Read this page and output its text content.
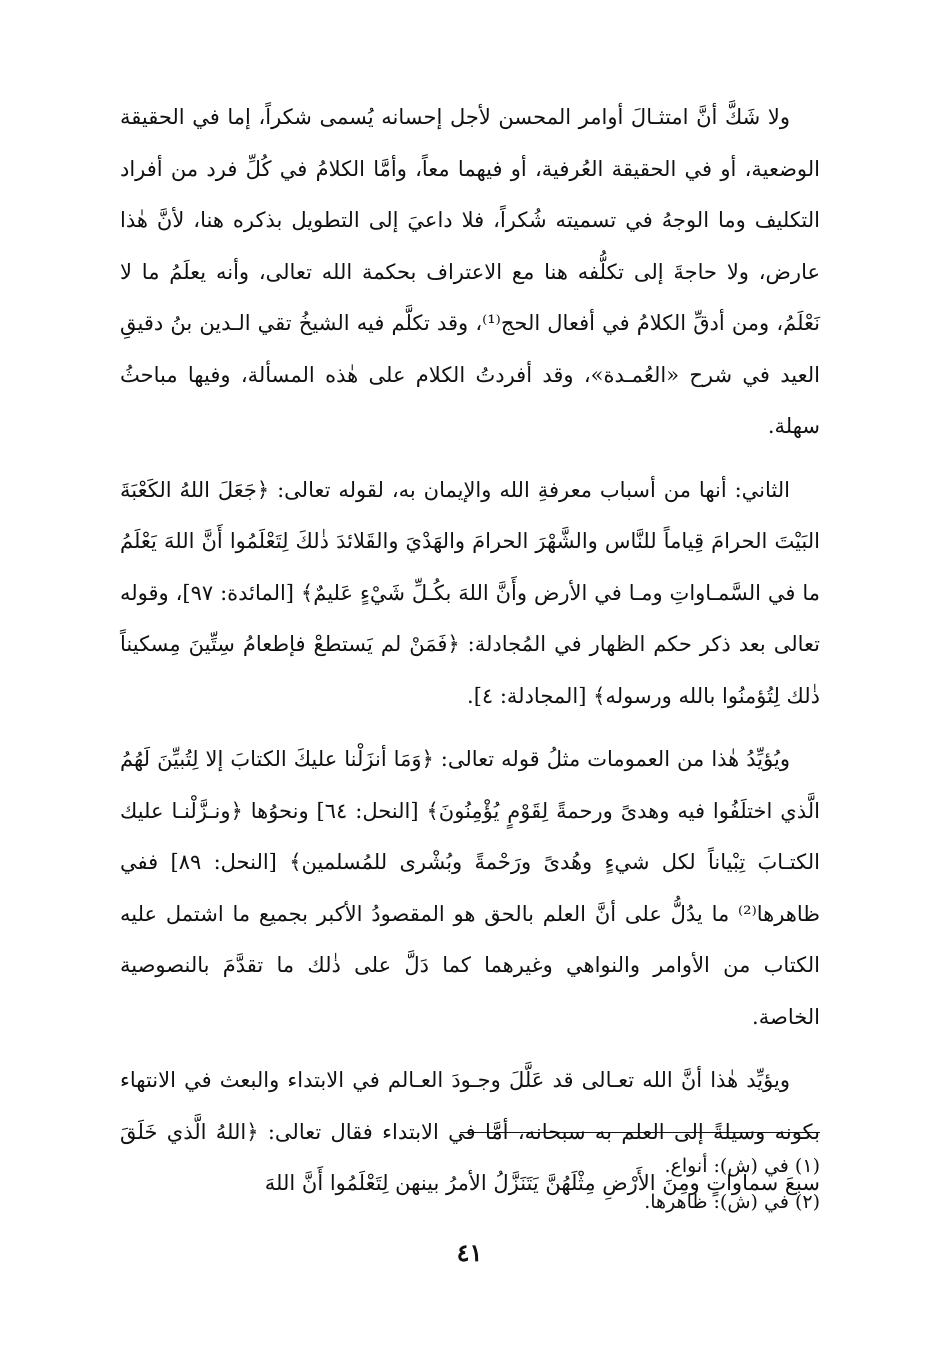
ولا شَكَّ أنَّ امتثـالَ أوامر المحسن لأجل إحسانه يُسمى شكراً، إما في الحقيقة الوضعية، أو في الحقيقة العُرفية، أو فيهما معاً، وأمَّا الكلامُ في كُلِّ فرد من أفراد التكليف وما الوجهُ في تسميته شُكراً، فلا داعيَ إلى التطويل بذكره هنا، لأنَّ هٰذا عارض، ولا حاجةَ إلى تكلُّفه هنا مع الاعتراف بحكمة الله تعالى، وأنه يعلَمُ ما لا نَعْلَمُ، ومن أدقِّ الكلامُ في أفعال الحج⁽¹⁾، وقد تكلَّم فيه الشيخُ تقي الـدين بنُ دقيقِ العيد في شرح «العُمـدة»، وقد أفردتُ الكلام على هٰذه المسألة، وفيها مباحثُ سهلة.

الثاني: أنها من أسباب معرفةِ الله والإيمان به، لقوله تعالى: ﴿جَعَلَ اللهُ الكَعْبَةَ البَيْتَ الحرامَ قِياماً للنَّاس والشَّهْرَ الحرامَ والهَدْيَ والقَلائدَ ذٰلكَ لِتَعْلَمُوا أَنَّ اللهَ يَعْلَمُ ما في السَّمـاواتِ ومـا في الأرض وأَنَّ اللهَ بكُـلِّ شَيْءٍ عَليمٌ﴾ [المائدة: ٩٧]، وقوله تعالى بعد ذكر حكم الظهار في المُجادلة: ﴿فَمَنْ لم يَستطعْ فإطعامُ سِتِّينَ مِسكيناً ذٰلك لِتُؤمنُوا بالله ورسوله﴾ [المجادلة: ٤].

ويُؤيِّدُ هٰذا من العمومات مثلُ قوله تعالى: ﴿وَمَا أنزَلْنا عليكَ الكتابَ إلا لِتُبيِّنَ لَهُمُ الَّذي اختلَفُوا فيه وهدىً ورحمةً لِقَوْمٍ يُؤْمِنُونَ﴾ [النحل: ٦٤] ونحوُها ﴿ونـزَّلْنـا عليك الكتـابَ تِبْياناً لكل شيءٍ وهُدىً ورَحْمةً وبُشْرى للمُسلمين﴾ [النحل: ٨٩] ففي ظاهرها⁽²⁾ ما يدُلُّ على أنَّ العلم بالحق هو المقصودُ الأكبر بجميع ما اشتمل عليه الكتاب من الأوامر والنواهي وغيرهما كما دَلَّ على ذٰلك ما تقدَّمَ بالنصوصية الخاصة.

ويؤيِّد هٰذا أنَّ الله تعـالى قد عَلَّلَ وجـودَ العـالم في الابتداء والبعث في الانتهاء بكونه وسيلةً إلى العلم به سبحانه، أمَّا في الابتداء فقال تعالى: ﴿اللهُ الَّذي خَلَقَ سبعَ سماواتٍ ومِنَ الأَرْضِ مِثْلَهُنَّ يَتَنَزَّلُ الأمرُ بينهن لِتَعْلَمُوا أَنَّ اللهَ

(١) في (ش): أنواع.

(٢) في (ش): ظاهرها.

٤١
